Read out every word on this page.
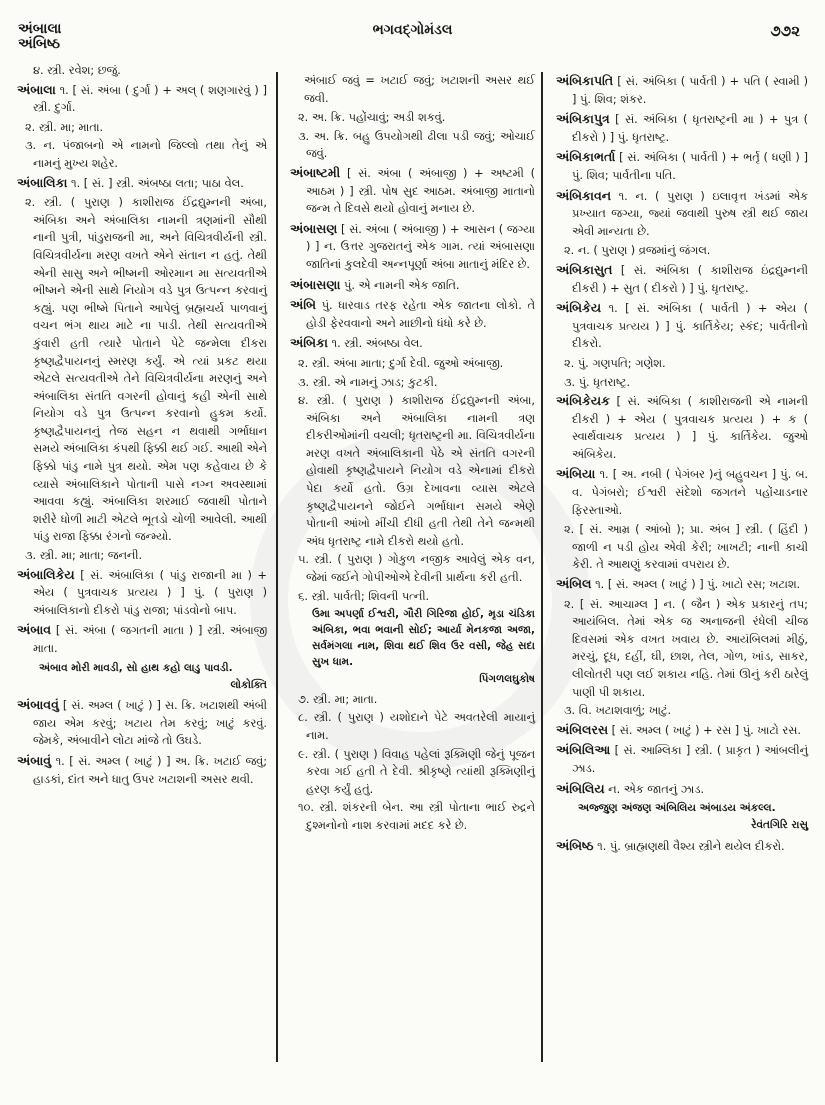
અંબાલા
અંબિષ્ઠ
ભગવદ્ગોમંડલ	૭૭૨

૪. સ્ત્રી. રવેશ; છજું.

અંબાલા ૧. [ સં. અંબા ( દુર્ગા ) + અલ્ ( શણગારવું ) ] સ્ત્રી. દુર્ગા.

૨. સ્ત્રી. મા; માતા.

૩. ન. પંજાબનો એ નામનો જિલ્લો તથા તેનું એ નામનું મુખ્ય શહેર.

અંબાલિકા ૧. [ સં. ] સ્ત્રી. અંબષ્ઠા લતા; પાઠા વેલ.

૨. સ્ત્રી. ( પુરાણ ) કાશીરાજ ઈંદ્રદ્યુમ્નની અંબા, અંબિકા અને અંબાલિકા નામની ત્રણમાંની સૌથી નાની પુત્રી, પાંડુરાજની મા, અને વિચિત્રવીર્યની સ્ત્રી. વિચિત્રવીર્યના મરણ વખતે એને સંતાન ન હતું. તેથી એની સાસુ અને ભીષ્મની ઓરમાન મા સત્યવતીએ ભીષ્મને એની સાથે નિયોગ વડે પુત્ર ઉત્પન્ન કરવાનું કહ્યું. પણ ભીષ્મે પિતાને આપેલું બ્રહ્મચર્ય પાળવાનું વચન ભંગ થાય માટે ના પાડી. તેથી સત્યવતીએ કુંવારી હતી ત્યારે પોતાને પેટે જન્મેલા દીકરા કૃષ્ણદ્વૈપાયનનું સ્મરણ કર્યું. એ ત્યાં પ્રકટ થયા એટલે સત્યવતીએ તેને વિચિત્રવીર્યના મરણનું અને અંબાલિકા સંતતિ વગરની હોવાનું કહી એની સાથે નિયોગ વડે પુત્ર ઉત્પન્ન કરવાનો હુકમ કર્યો. કૃષ્ણદ્વૈપાયનનું તેજ સહન ન થવાથી ગર્ભાધાન સમયે અંબાલિકા કંપથી ફિક્કી થઈ ગઈ. આથી એને ફિક્કો પાંડુ નામે પુત્ર થયો. એમ પણ કહેવાય છે કે વ્યાસે અંબાલિકાને પોતાની પાસે નગ્ન અવસ્થામાં આવવા કહ્યું. અંબાલિકા શરમાઈ જવાથી પોતાને શરીરે ધોળી માટી એટલે ભૂતડો ચોળી આવેલી. આથી પાંડુ રાજા ફિક્કા રંગનો જન્મ્યો.

૩. સ્ત્રી. મા; માતા; જનની.

અંબાલિકેય [ સં. અંબાલિકા ( પાંડુ રાજાની મા ) + એય ( પુત્રવાચક પ્રત્યય ) ] પું. ( પુરાણ ) અંબાલિકાનો દીકરો પાંડુ રાજા; પાંડવોનો બાપ.

અંબાવ [ સં. અંબા ( જગતની માતા ) ] સ્ત્રી. અંબાજી માતા.

અંબાવ મોરી માવડી, સો હાથ કહો લાડુ પાવડી.
લોકોક્તિ

અંબાવવું [ સં. અમ્લ ( ખાટું ) ] સ. ક્રિ. ખટાશથી અંબી જાય એમ કરવું; ખટાય તેમ કરવું; ખાટું કરવું. જેમકે, અંબાવીને લોટા માંજે તો ઉઘડે.

અંબાવું ૧. [ સં. અમ્લ ( ખાટું ) ] અ. ક્રિ. ખટાઈ જવું; હાડકાં, દાંત અને ધાતુ ઉપર ખટાશની અસર થવી.

અંબાઈ જવું = ખટાઈ જવું; ખટાશની અસર થઈ જવી.

૨. અ. ક્રિ. પહોંચાવું; અડી શકવું.

૩. અ. ક્રિ. બહુ ઉપયોગથી ઢીલા પડી જવું; ઓચાઈ જવું.

અંબાષ્ટમી [ સં. અંબા ( અંબાજી ) + અષ્ટમી ( આઠમ ) ] સ્ત્રી. પોષ સુદ આઠમ. અંબાજી માતાનો જન્મ તે દિવસે થયો હોવાનું મનાય છે.

અંબાસણ [ સં. અંબા ( અંબાજી ) + આસન ( જગ્યા ) ] ન. ઉત્તર ગુજરાતનું એક ગામ. ત્યાં અંબાસણા જાતિનાં કુલદેવી અન્નપૂર્ણા અંબા માતાનું મંદિર છે.

અંબાસણા પું. એ નામની એક જાતિ.

અંબિ પું. ધારવાડ તરફ રહેતા એક જાતના લોકો. તે હોડી ફેરવવાનો અને માછીનો ધંધો કરે છે.

અંબિકા ૧. સ્ત્રી. અંબષ્ઠા વેલ.

૨. સ્ત્રી. અંબા માતા; દુર્ગા દેવી. જુઓ અંબાજી.

૩. સ્ત્રી. એ નામનું ઝાડ; કુટકી.

૪. સ્ત્રી. ( પુરાણ ) કાશીરાજ ઈંદ્રદ્યુમ્નની અંબા, અંબિકા અને અંબાલિકા નામની ત્રણ દીકરીઓમાંની વચલી; ધૃતરાષ્ટ્રની મા. વિચિત્રવીર્યના મરણ વખતે અંબાલિકાની પેઠે એ સંતતિ વગરની હોવાથી કૃષ્ણદ્વૈપાયને નિયોગ વડે એનામાં દીકરો પેદા કર્યો હતો. ઉગ્ર દેખાવના વ્યાસ એટલે કૃષ્ણદ્વૈપાયનને જોઈને ગર્ભાધાન સમયે એણે પોતાની આંખો મીંચી દીધી હતી તેથી તેને જન્મથી અંધ ધૃતરાષ્ટ્ર નામે દીકરો થયો હતો.

૫. સ્ત્રી. ( પુરાણ ) ગોકુળ નજીક આવેલું એક વન, જેમાં જઈને ગોપીઓએ દેવીની પ્રાર્થના કરી હતી.

૬. સ્ત્રી. પાર્વતી; શિવની પત્ની.

ઉમા અપર્ણા ઈશ્વરી, ગૌરી ગિરિજા હોઈ, મૃડા ચંડિકા અંબિકા, ભવા ભવાની સોઈ; આર્યા મેનકજા અજા, સર્વમંગલા નામ, શિવા થઈ શિવ ઉર વસી, જેહ સદા સુખ ધામ.
પિંગળલઘુકોષ

૭. સ્ત્રી. મા; માતા.

૮. સ્ત્રી. ( પુરાણ ) યશોદાને પેટે અવતરેલી માયાનું નામ.

૯. સ્ત્રી. ( પુરાણ ) વિવાહ પહેલાં રૂક્મિણી જેનું પૂજન કરવા ગઈ હતી તે દેવી. શ્રીકૃષ્ણે ત્યાંથી રૂક્મિણીનું હરણ કર્યું હતું.

૧૦. સ્ત્રી. શંકરની બેન. આ સ્ત્રી પોતાના ભાઈ રુદ્રને દુશ્મનોનો નાશ કરવામાં મદદ કરે છે.

અંબિકાપતિ [ સં. અંબિકા ( પાર્વતી ) + પતિ ( સ્વામી ) ] પું. શિવ; શંકર.

અંબિકાપુત્ર [ સં. અંબિકા ( ધૃતરાષ્ટ્રની મા ) + પુત્ર ( દીકરો ) ] પું. ધૃતરાષ્ટ્ર.

અંબિકાભર્તા [ સં. અંબિકા ( પાર્વતી ) + ભર્તૃ ( ધણી ) ] પું. શિવ; પાર્વતીના પતિ.

અંબિકાવન ૧. ન. ( પુરાણ ) ઇલાવૃત્ત ખંડમાં એક પ્રખ્યાત જગ્યા, જ્યાં જવાથી પુરુષ સ્ત્રી થઈ જાય એવી માન્યતા છે.

૨. ન. ( પુરાણ ) વ્રજમાંનું જંગલ.

અંબિકાસુત [ સં. અંબિકા ( કાશીરાજ ઇંદ્રદ્યુમ્નની દીકરી ) + સુત ( દીકરો ) ] પું. ધૃતરાષ્ટ્ર.

અંબિકેય ૧. [ સં. અંબિકા ( પાર્વતી ) + એય ( પુત્રવાચક પ્રત્યય ) ] પું. કાર્તિકેય; સ્કંદ; પાર્વતીનો દીકરો.

૨. પું. ગણપતિ; ગણેશ.

૩. પું. ધૃતરાષ્ટ્ર.

અંબિકેયક [ સં. અંબિકા ( કાશીરાજની એ નામની દીકરી ) + એય ( પુત્રવાચક પ્રત્યય ) + ક ( સ્વાર્થવાચક પ્રત્યય ) ] પું. કાર્તિકેય. જુઓ અંબિકેય.

અંબિયા ૧. [ અ. નબી ( પેગંબર )નું બહુવચન ] પું. બ. વ. પેગંબરો; ઈશ્વરી સંદેશો જગતને પહોંચાડનાર ફિરસ્તાઓ.

૨. [ સં. આમ્ર ( આંબો ); પ્રા. અંબ ] સ્ત્રી. ( હિંદી ) જાળી ન પડી હોય એવી કેરી; ખાખટી; નાની કાચી કેરી. તે આથણું કરવામાં વપરાય છે.

અંબિલ ૧. [ સં. અમ્લ ( ખાટું ) ] પું. ખાટો રસ; ખટાશ.

૨. [ સં. આચામ્લ ] ન. ( જૈન ) એક પ્રકારનું તપ; આયંબિલ. તેમાં એક જ અનાજની રંધેલી ચીજ દિવસમાં એક વખત ખવાય છે. આયંબિલમાં મીઠું, મરચું, દૂધ, દહીં, ઘી, છાશ, તેલ, ગોળ, ખાંડ, સાકર, લીલોતરી પણ લઈ શકાય નહિ. તેમાં ઊનું કરી ઠારેલું પાણી પી શકાય.

૩. વિ. ખટાશવાળું; ખાટું.

અંબિલરસ [ સં. અમ્લ ( ખાટું ) + રસ ] પું. ખાટો રસ.

અંબિલિઆ [ સં. આમ્લિકા ] સ્ત્રી. ( પ્રાકૃત ) આંબલીનું ઝાડ.

અંબિલિય ન. એક જાતનું ઝાડ.

અજ્જુણ અંજણ અંબિલિય અંબાડય અંકલ્લ.
રેવંતગિરિ રાસુ

અંબિષ્ઠ ૧. પું. બ્રાહ્મણથી વૈશ્ય સ્ત્રીને થયેલ દીકરો.
